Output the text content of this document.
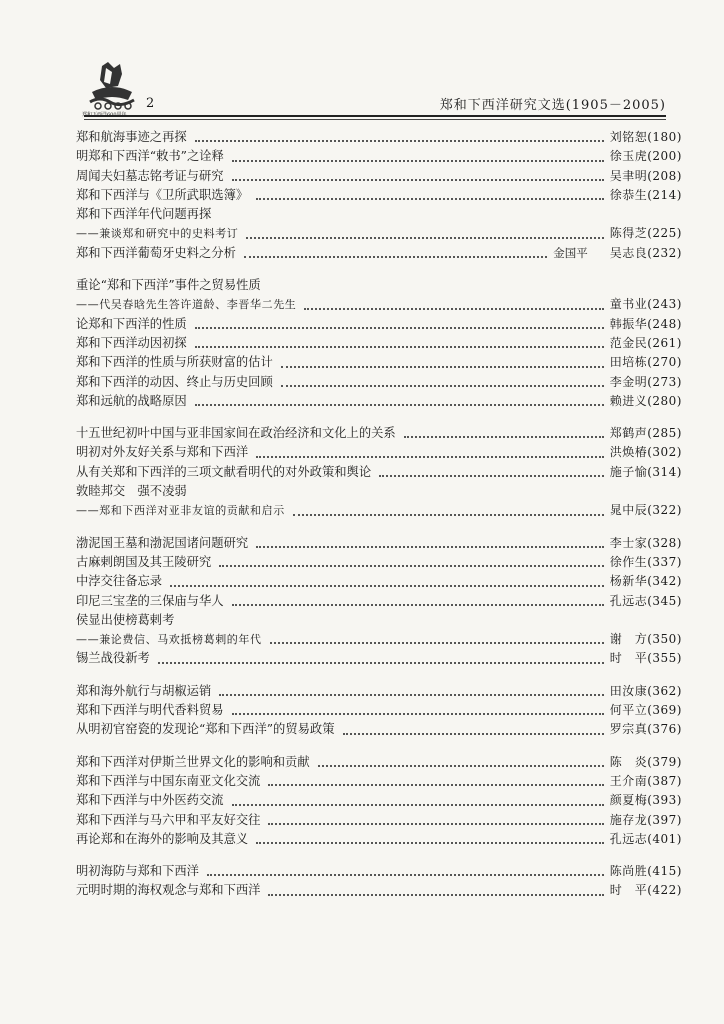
郑和下西洋600周年
2	郑和下西洋研究文选(1905－2005)
郑和航海事迹之再探	刘铭恕(180)
明郑和下西洋“敕书”之诠释	徐玉虎(200)
周闻夫妇墓志铭考证与研究	吴聿明(208)
郑和下西洋与《卫所武职选簿》	徐恭生(214)
郑和下西洋年代问题再探
——兼谈郑和研究中的史料考订	陈得芝(225)
郑和下西洋葡萄牙史料之分析	金国平 吴志良(232)
重论“郑和下西洋”事件之贸易性质
——代吴春晗先生答许道龄、李晋华二先生	童书业(243)
论郑和下西洋的性质	韩振华(248)
郑和下西洋动因初探	范金民(261)
郑和下西洋的性质与所获财富的估计	田培栋(270)
郑和下西洋的动因、终止与历史回顾	李金明(273)
郑和远航的战略原因	赖进义(280)
十五世纪初叶中国与亚非国家间在政治经济和文化上的关系	郑鹤声(285)
明初对外友好关系与郑和下西洋	洪焕椿(302)
从有关郑和下西洋的三项文献看明代的对外政策和舆论	施子愉(314)
敦睦邦交　强不凌弱
——郑和下西洋对亚非友谊的贡献和启示	晁中辰(322)
渤泥国王墓和渤泥国诸问题研究	李士家(328)
古麻剌朗国及其王陵研究	徐作生(337)
中浡交往备忘录	杨新华(342)
印尼三宝垄的三保庙与华人	孔远志(345)
侯显出使榜葛剌考
——兼论费信、马欢抵榜葛剌的年代	谢　方(350)
锡兰战役新考	时　平(355)
郑和海外航行与胡椒运销	田汝康(362)
郑和下西洋与明代香料贸易	何平立(369)
从明初官窑瓷的发现论“郑和下西洋”的贸易政策	罗宗真(376)
郑和下西洋对伊斯兰世界文化的影响和贡献	陈　炎(379)
郑和下西洋与中国东南亚文化交流	王介南(387)
郑和下西洋与中外医药交流	颜夏梅(393)
郑和下西洋与马六甲和平友好交往	施存龙(397)
再论郑和在海外的影响及其意义	孔远志(401)
明初海防与郑和下西洋	陈尚胜(415)
元明时期的海权观念与郑和下西洋	时　平(422)
